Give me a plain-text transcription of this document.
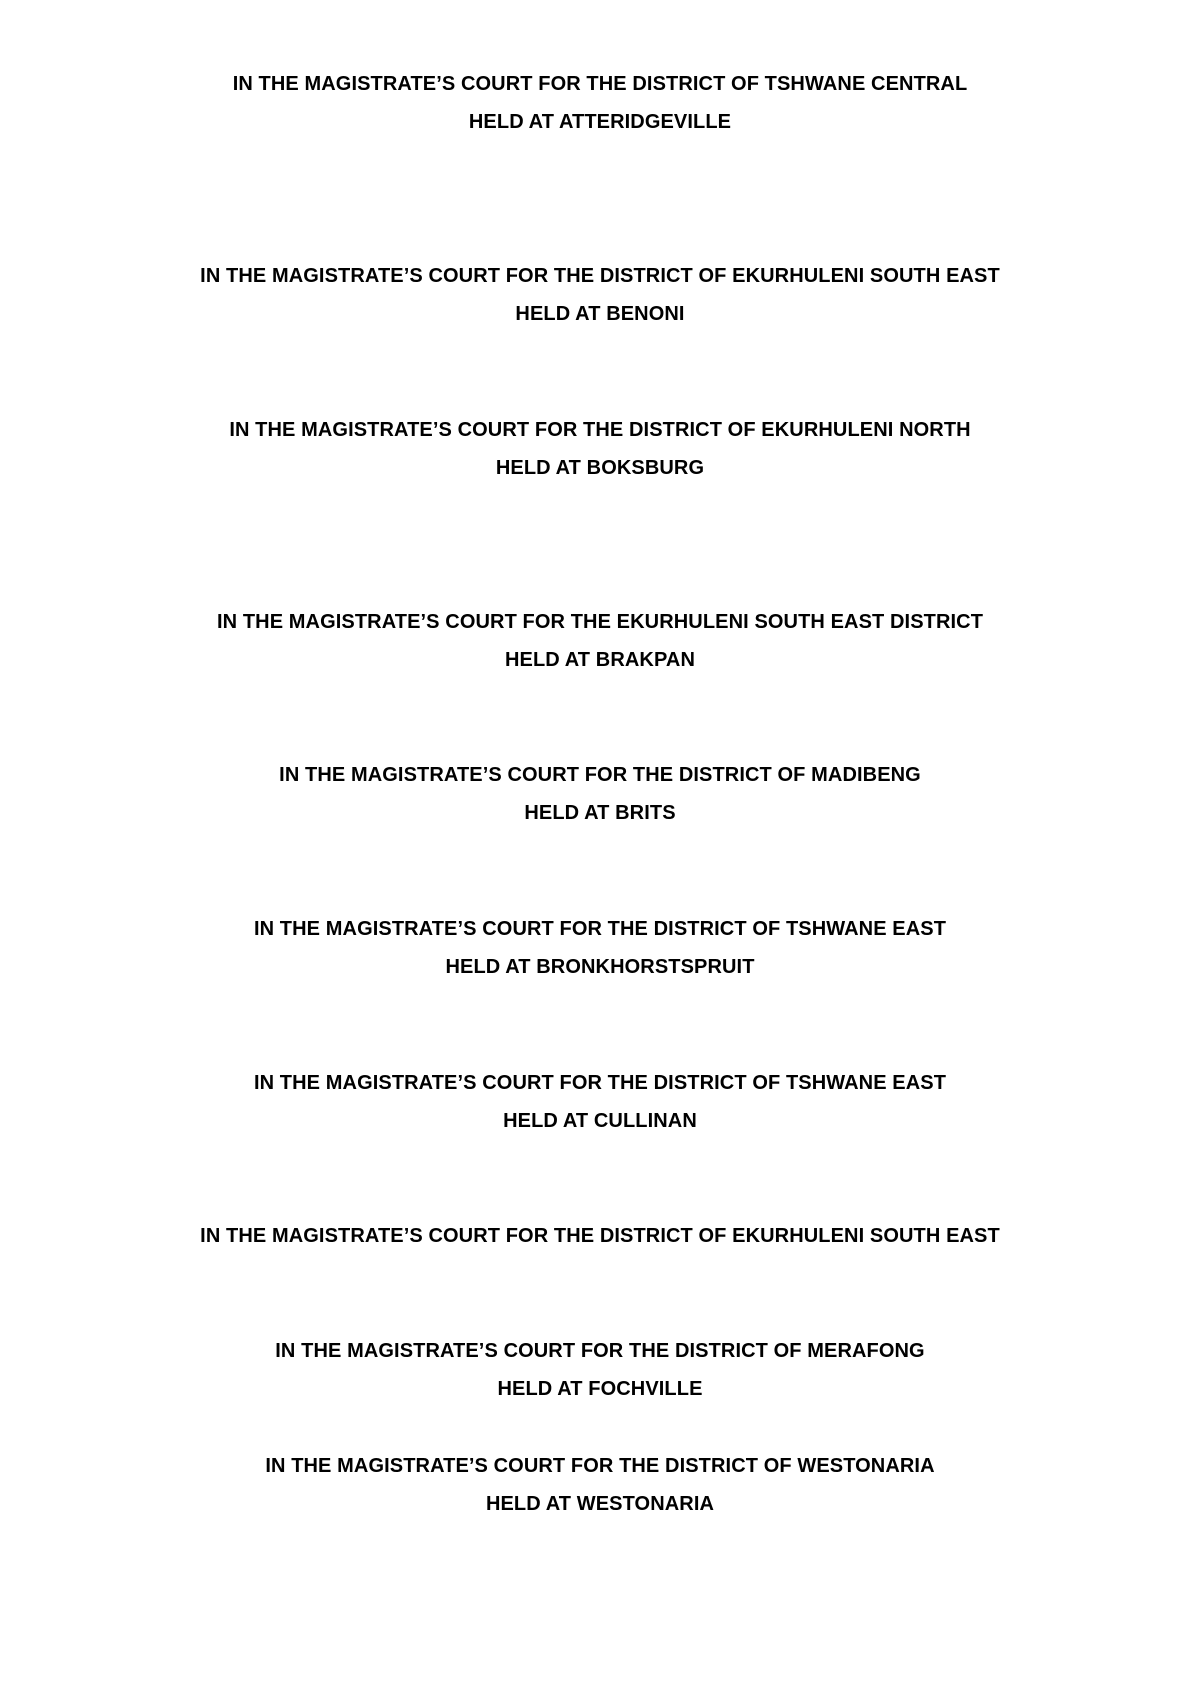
IN THE MAGISTRATE’S COURT FOR THE DISTRICT OF TSHWANE CENTRAL
HELD AT ATTERIDGEVILLE
IN THE MAGISTRATE’S COURT FOR THE DISTRICT OF EKURHULENI SOUTH EAST
HELD AT BENONI
IN THE MAGISTRATE’S COURT FOR THE DISTRICT OF EKURHULENI NORTH
HELD AT BOKSBURG
IN THE MAGISTRATE’S COURT FOR THE EKURHULENI SOUTH EAST DISTRICT
HELD AT BRAKPAN
IN THE MAGISTRATE’S COURT FOR THE DISTRICT OF MADIBENG
HELD AT BRITS
IN THE MAGISTRATE’S COURT FOR THE DISTRICT OF TSHWANE EAST
HELD AT BRONKHORSTSPRUIT
IN THE MAGISTRATE’S COURT FOR THE DISTRICT OF TSHWANE EAST
HELD AT CULLINAN
IN THE MAGISTRATE’S COURT FOR THE DISTRICT OF EKURHULENI SOUTH EAST
IN THE MAGISTRATE’S COURT FOR THE DISTRICT OF MERAFONG
HELD AT FOCHVILLE
IN THE MAGISTRATE’S COURT FOR THE DISTRICT OF WESTONARIA
HELD AT WESTONARIA
